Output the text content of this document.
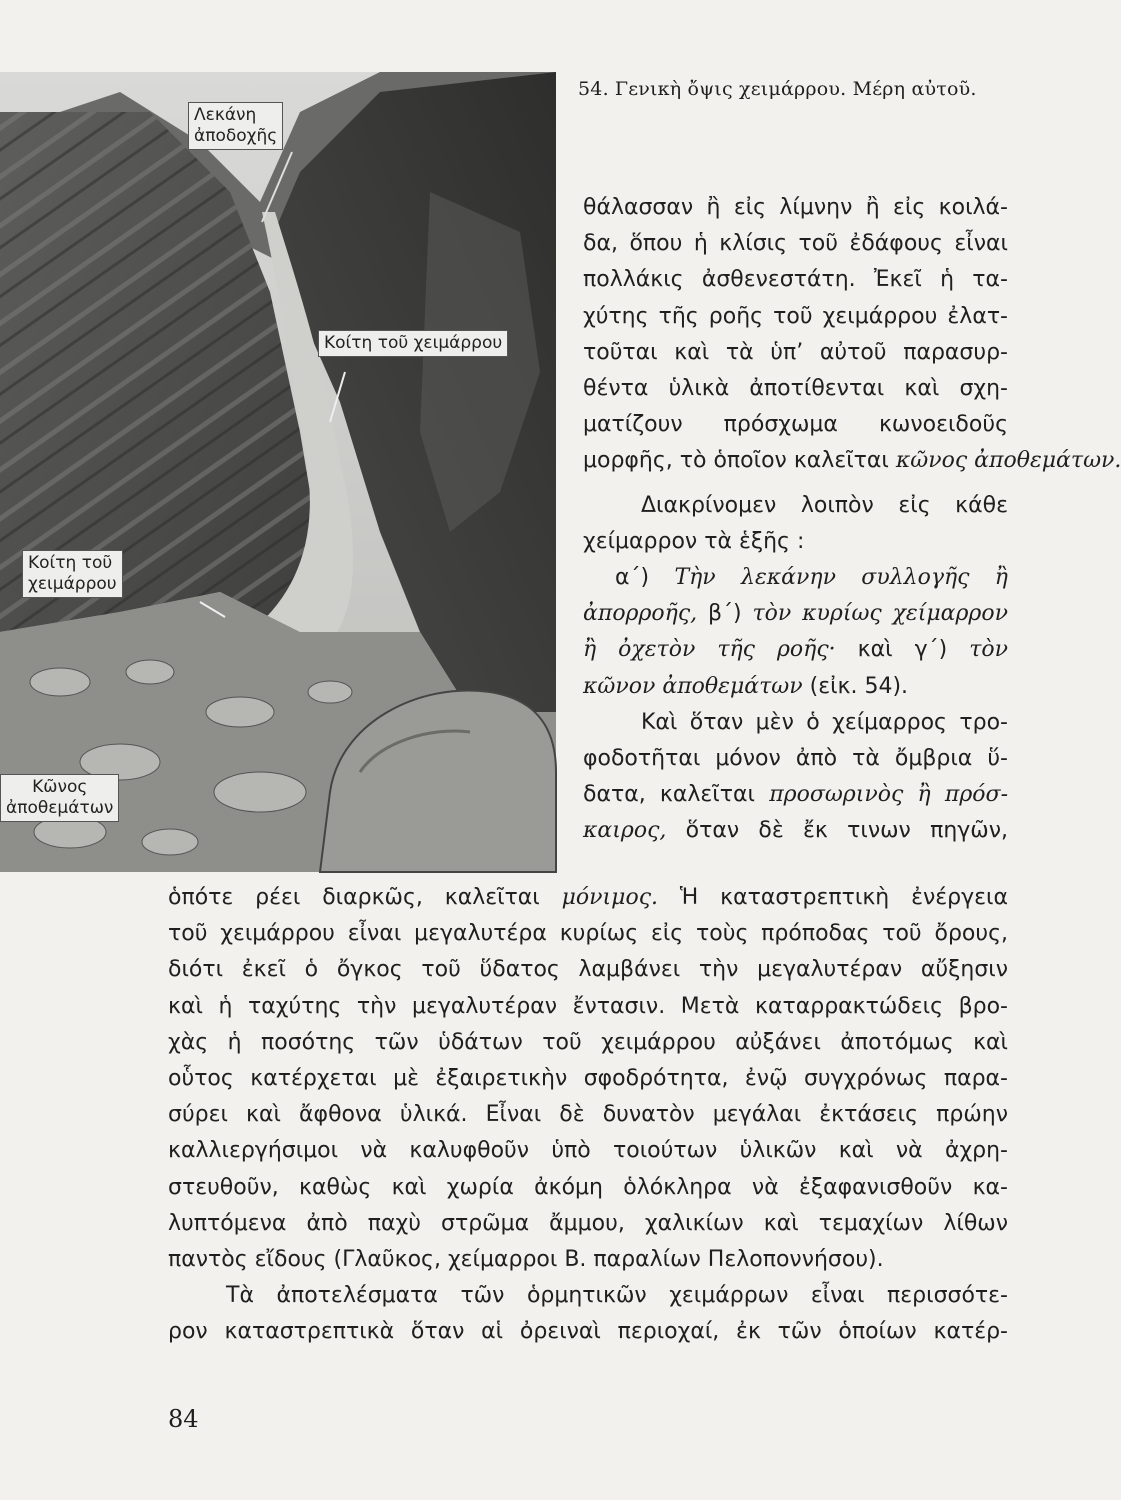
Λεκάνη
ἀποδοχῆς
Κοίτη τοῦ χειμάρρου
Κοίτη τοῦ
χειμάρρου
Κῶνος
ἀποθεμάτων
54. Γενικὴ ὄψις χειμάρρου. Μέρη αὐτοῦ.
θάλασσαν ἢ εἰς λίμνην ἢ εἰς κοιλά-
δα, ὅπου ἡ κλίσις τοῦ ἐδάφους εἶναι
πολλάκις ἀσθενεστάτη. Ἐκεῖ ἡ τα-
χύτης τῆς ροῆς τοῦ χειμάρρου ἐλατ-
τοῦται καὶ τὰ ὑπ’ αὐτοῦ παρασυρ-
θέντα ὑλικὰ ἀποτίθενται καὶ σχη-
ματίζουν πρόσχωμα κωνοειδοῦς
μορφῆς, τὸ ὁποῖον καλεῖται κῶνος ἀποθεμάτων.
Διακρίνομεν λοιπὸν εἰς κάθε
χείμαρρον τὰ ἑξῆς :
α΄) Τὴν λεκάνην συλλογῆς ἢ
ἀπορροῆς, β΄) τὸν κυρίως χείμαρρον
ἢ ὀχετὸν τῆς ροῆς· καὶ γ΄) τὸν
κῶνον ἀποθεμάτων (εἰκ. 54).
Καὶ ὅταν μὲν ὁ χείμαρρος τρο-
φοδοτῆται μόνον ἀπὸ τὰ ὄμβρια ὕ-
δατα, καλεῖται προσωρινὸς ἢ πρόσ-
καιρος, ὅταν δὲ ἔκ τινων πηγῶν,
ὁπότε ρέει διαρκῶς, καλεῖται μόνιμος. Ἡ καταστρεπτικὴ ἐνέργεια
τοῦ χειμάρρου εἶναι μεγαλυτέρα κυρίως εἰς τοὺς πρόποδας τοῦ ὄρους,
διότι ἐκεῖ ὁ ὄγκος τοῦ ὕδατος λαμβάνει τὴν μεγαλυτέραν αὔξησιν
καὶ ἡ ταχύτης τὴν μεγαλυτέραν ἔντασιν. Μετὰ καταρρακτώδεις βρο-
χὰς ἡ ποσότης τῶν ὑδάτων τοῦ χειμάρρου αὐξάνει ἀποτόμως καὶ
οὗτος κατέρχεται μὲ ἐξαιρετικὴν σφοδρότητα, ἐνῷ συγχρόνως παρα-
σύρει καὶ ἄφθονα ὑλικά. Εἶναι δὲ δυνατὸν μεγάλαι ἐκτάσεις πρώην
καλλιεργήσιμοι νὰ καλυφθοῦν ὑπὸ τοιούτων ὑλικῶν καὶ νὰ ἀχρη-
στευθοῦν, καθὼς καὶ χωρία ἀκόμη ὁλόκληρα νὰ ἐξαφανισθοῦν κα-
λυπτόμενα ἀπὸ παχὺ στρῶμα ἄμμου, χαλικίων καὶ τεμαχίων λίθων
παντὸς εἴδους (Γλαῦκος, χείμαρροι Β. παραλίων Πελοποννήσου).
Τὰ ἀποτελέσματα τῶν ὁρμητικῶν χειμάρρων εἶναι περισσότε-
ρον καταστρεπτικὰ ὅταν αἱ ὀρειναὶ περιοχαί, ἐκ τῶν ὁποίων κατέρ-
84
